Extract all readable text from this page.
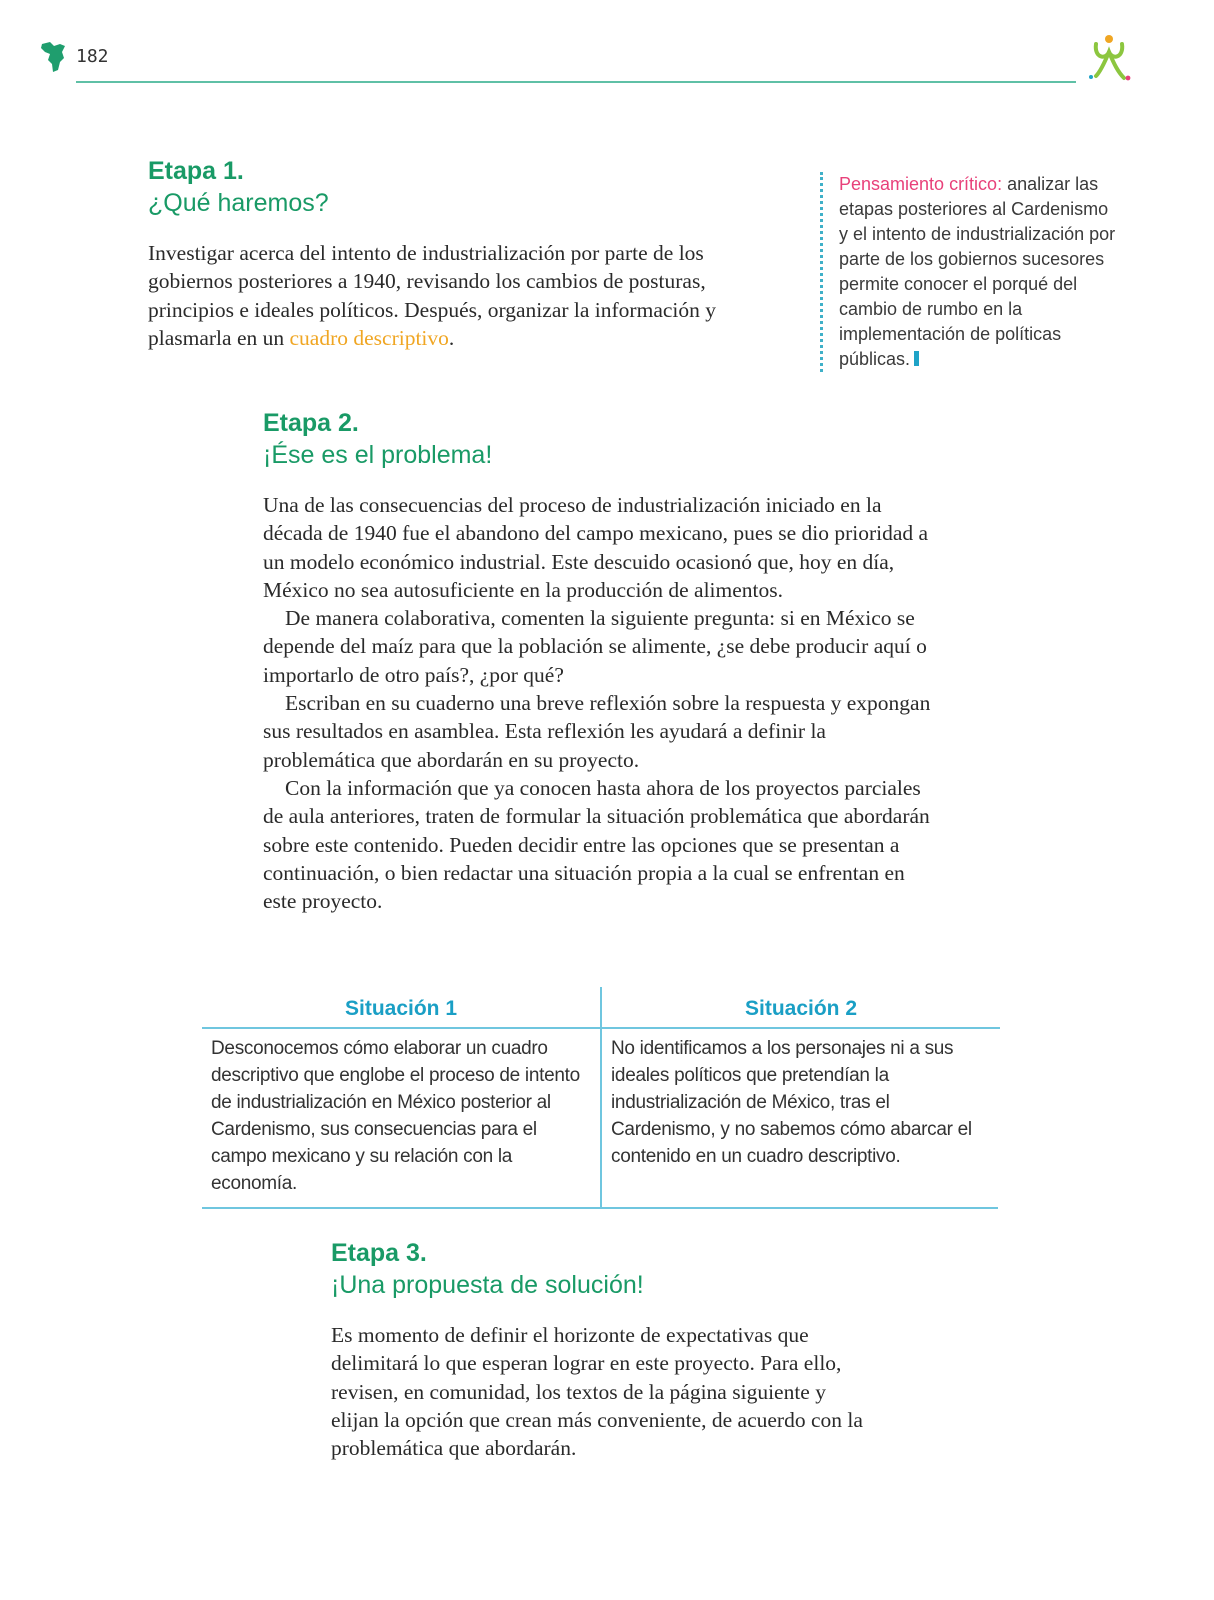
182
Etapa 1.
¿Qué haremos?

Investigar acerca del intento de industrialización por parte de los gobiernos posteriores a 1940, revisando los cambios de posturas, principios e ideales políticos. Después, organizar la información y plasmarla en un cuadro descriptivo.

Pensamiento crítico: analizar las etapas posteriores al Cardenismo y el intento de industrialización por parte de los gobiernos sucesores permite conocer el porqué del cambio de rumbo en la implementación de políticas públicas.
Etapa 2.
¡Ése es el problema!

Una de las consecuencias del proceso de industrialización iniciado en la década de 1940 fue el abandono del campo mexicano, pues se dio prioridad a un modelo económico industrial. Este descuido ocasionó que, hoy en día, México no sea autosuficiente en la producción de alimentos.

De manera colaborativa, comenten la siguiente pregunta: si en México se depende del maíz para que la población se alimente, ¿se debe producir aquí o importarlo de otro país?, ¿por qué?

Escriban en su cuaderno una breve reflexión sobre la respuesta y expongan sus resultados en asamblea. Esta reflexión les ayudará a definir la problemática que abordarán en su proyecto.

Con la información que ya conocen hasta ahora de los proyectos parciales de aula anteriores, traten de formular la situación problemática que abordarán sobre este contenido. Pueden decidir entre las opciones que se presentan a continuación, o bien redactar una situación propia a la cual se enfrentan en este proyecto.

Situación 1
Desconocemos cómo elaborar un cuadro descriptivo que englobe el proceso de intento de industrialización en México posterior al Cardenismo, sus consecuencias para el campo mexicano y su relación con la economía.
Situación 2
No identificamos a los personajes ni a sus ideales políticos que pretendían la industrialización de México, tras el Cardenismo, y no sabemos cómo abarcar el contenido en un cuadro descriptivo.
Etapa 3.
¡Una propuesta de solución!

Es momento de definir el horizonte de expectativas que delimitará lo que esperan lograr en este proyecto. Para ello, revisen, en comunidad, los textos de la página siguiente y elijan la opción que crean más conveniente, de acuerdo con la problemática que abordarán.
